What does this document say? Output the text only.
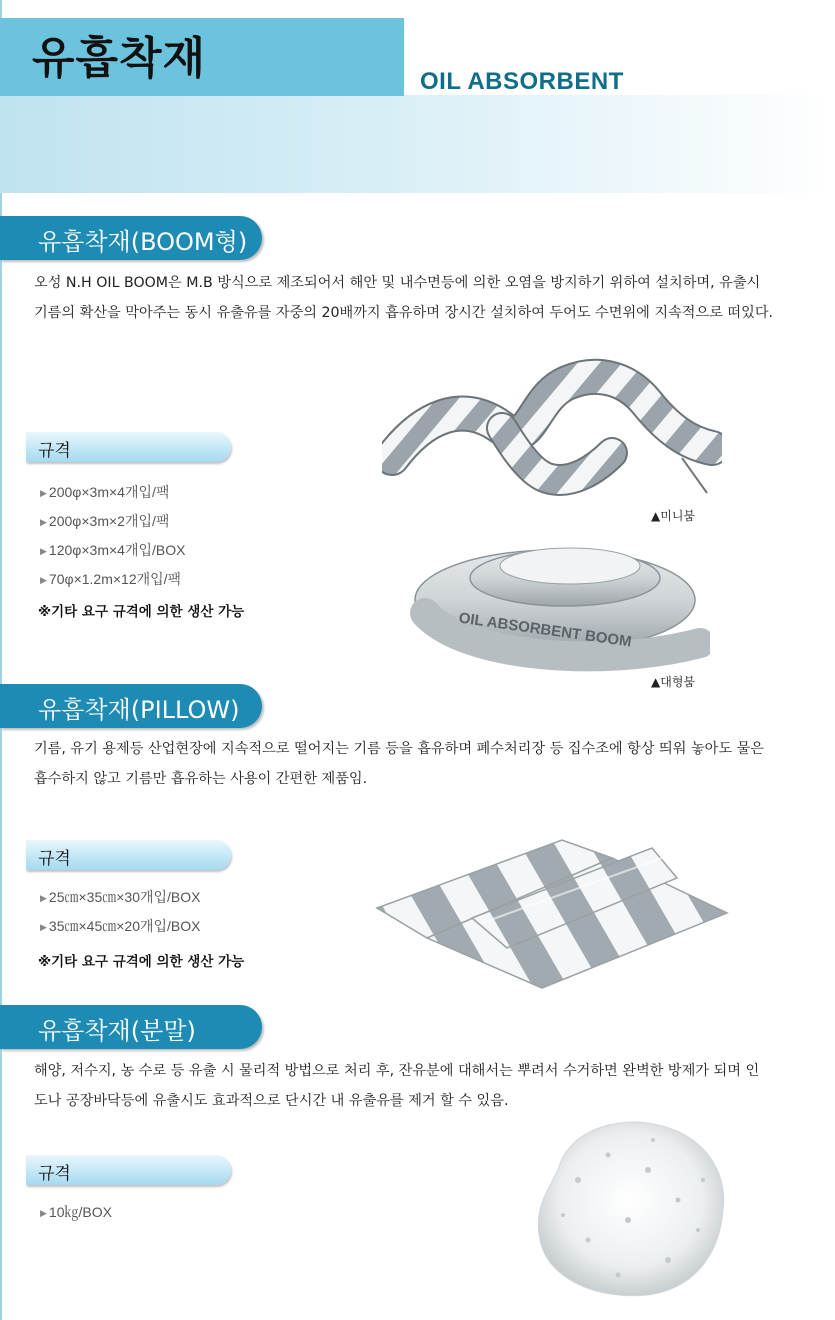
유흡착재	OIL ABSORBENT
유흡착재(BOOM형)
오성 N.H OIL BOOM은 M.B 방식으로 제조되어서 해안 및 내수면등에 의한 오염을 방지하기 위하여 설치하며, 유출시
기름의 확산을 막아주는 동시 유출유를 자중의 20배까지 흡유하며 장시간 설치하여 두어도 수면위에 지속적으로 떠있다.
규격
▶ 200φ×3m×4개입/팩
▶ 200φ×3m×2개입/팩
▶ 120φ×3m×4개입/BOX
▶ 70φ×1.2m×12개입/팩
※기타 요구 규격에 의한 생산 가능
▲미니붐
OIL ABSORBENT BOOM
▲대형붐
유흡착재(PILLOW)
기름, 유기 용제등 산업현장에 지속적으로 떨어지는 기름 등을 흡유하며 폐수처리장 등 집수조에 항상 띄워 놓아도 물은
흡수하지 않고 기름만 흡유하는 사용이 간편한 제품임.
규격
▶ 25㎝×35㎝×30개입/BOX
▶ 35㎝×45㎝×20개입/BOX
※기타 요구 규격에 의한 생산 가능
유흡착재(분말)
해양, 저수지, 농 수로 등 유출 시 물리적 방법으로 처리 후, 잔유분에 대해서는 뿌려서 수거하면 완벽한 방제가 되며 인
도나 공장바닥등에 유출시도 효과적으로 단시간 내 유출유를 제거 할 수 있음.
규격
▶ 10㎏/BOX
